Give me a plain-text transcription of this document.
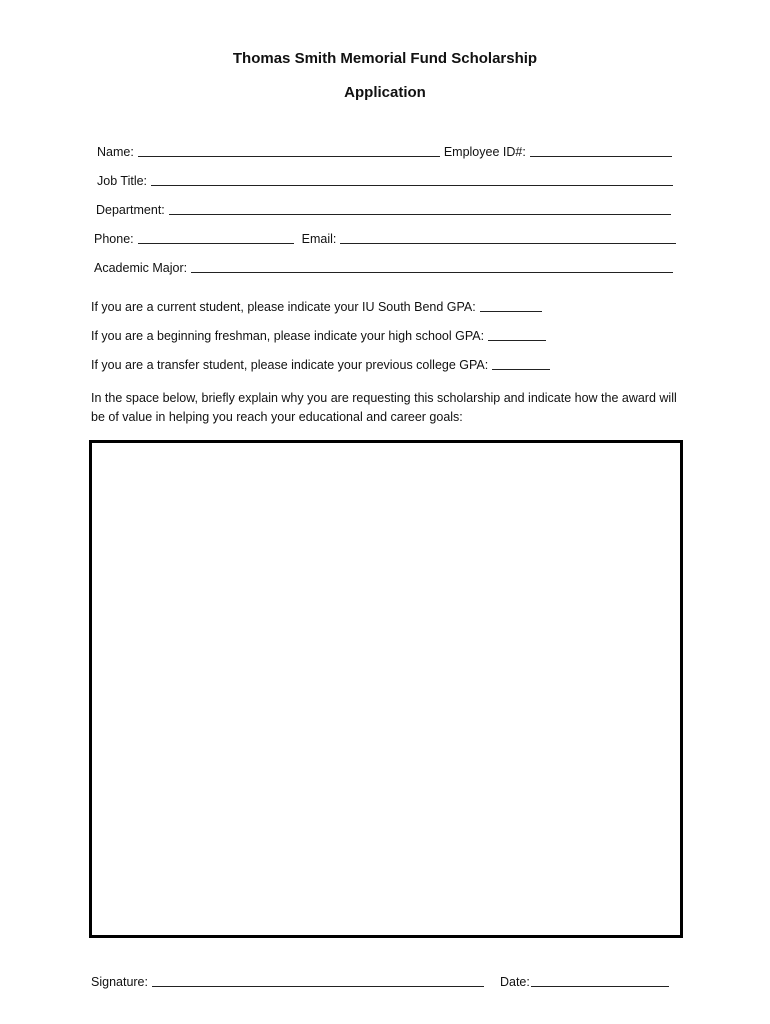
Thomas Smith Memorial Fund Scholarship
Application
Name:	Employee ID#:
Job Title:
Department:
Phone:	Email:
Academic Major:
If you are a current student, please indicate your IU South Bend GPA:
If you are a beginning freshman, please indicate your high school GPA:
If you are a transfer student, please indicate your previous college GPA:
In the space below, briefly explain why you are requesting this scholarship and indicate how the award will be of value in helping you reach your educational and career goals:
Signature:	Date:
